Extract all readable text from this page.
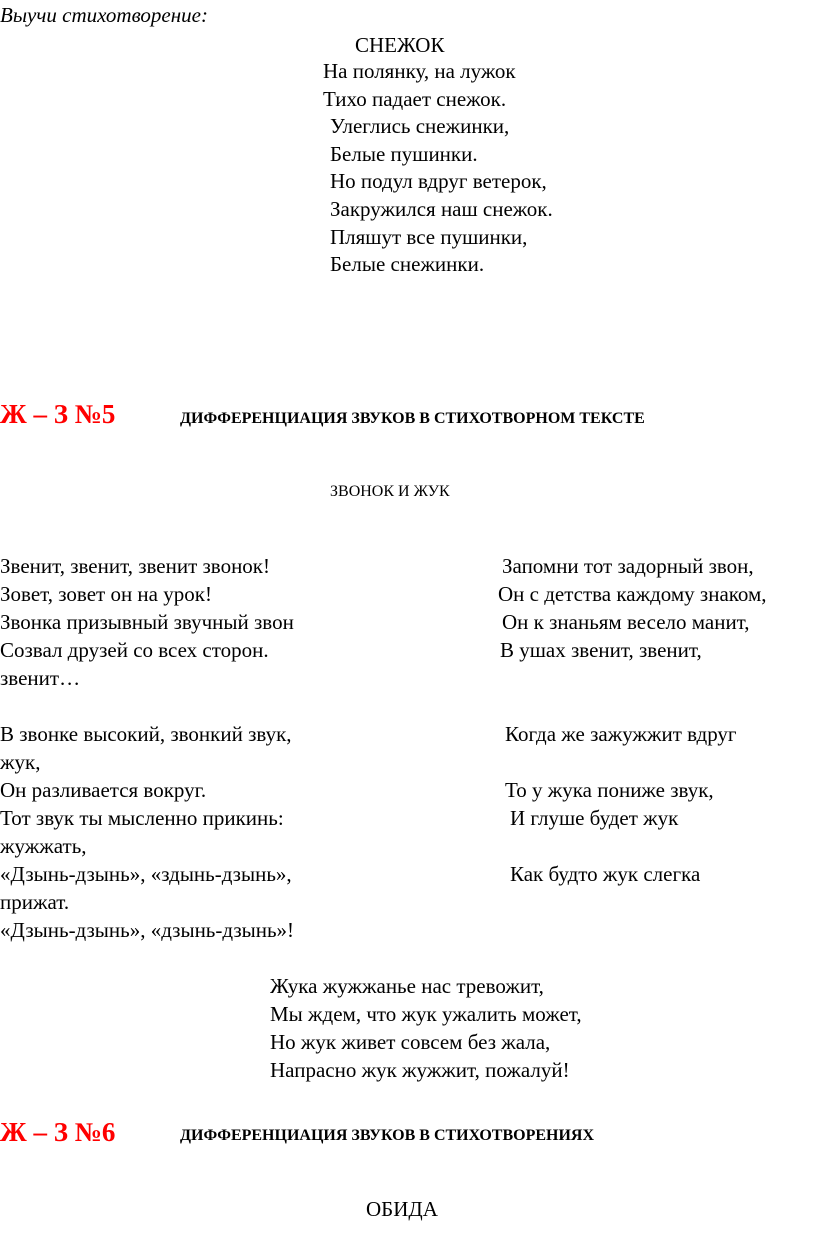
Выучи стихотворение:
СНЕЖОК
На полянку, на лужок
Тихо падает снежок.
Улеглись снежинки,
Белые пушинки.
Но подул вдруг ветерок,
Закружился наш снежок.
Пляшут все пушинки,
Белые снежинки.
Ж – З №5	ДИФФЕРЕНЦИАЦИЯ ЗВУКОВ В СТИХОТВОРНОМ ТЕКСТЕ
ЗВОНОК И ЖУК
Звенит, звенит, звенит звонок!
Зовет, зовет он на урок!
Звонка призывный звучный звон
Созвал друзей со всех сторон.
звенит…
В звонке высокий, звонкий звук,
жук,
Он разливается вокруг.
Тот звук ты мысленно прикинь:
жужжать,
«Дзынь-дзынь», «здынь-дзынь»,
прижат.
«Дзынь-дзынь», «дзынь-дзынь»!
Запомни тот задорный звон,
Он с детства каждому знаком,
Он к знаньям весело манит,
В ушах звенит, звенит,
Когда же зажужжит вдруг
То у жука пониже звук,
И глуше будет жук
Как будто жук слегка
Жука жужжанье нас тревожит,
Мы ждем, что жук ужалить может,
Но жук живет совсем без жала,
Напрасно жук жужжит, пожалуй!
Ж – З №6	ДИФФЕРЕНЦИАЦИЯ ЗВУКОВ В СТИХОТВОРЕНИЯХ
ОБИДА
